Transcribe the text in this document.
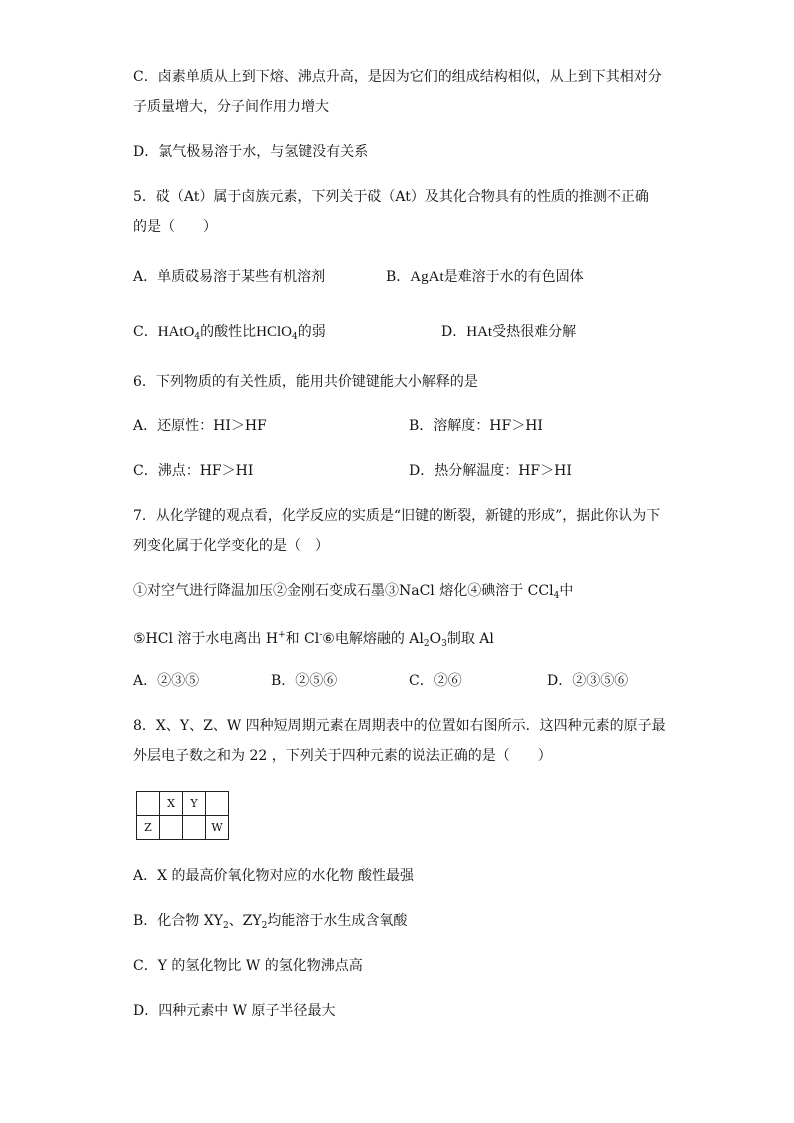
C．卤素单质从上到下熔、沸点升高，是因为它们的组成结构相似，从上到下其相对分
子质量增大，分子间作用力增大
D．氯气极易溶于水，与氢键没有关系
5．砹（At）属于卤族元素，下列关于砹（At）及其化合物具有的性质的推测不正确
的是（　　）
A．单质砹易溶于某些有机溶剂	B．AgAt是难溶于水的有色固体
C．HAtO$_4$的酸性比HClO$_4$的弱	D．HAt受热很难分解
6．下列物质的有关性质，能用共价键键能大小解释的是
A．还原性：HI＞HF	B．溶解度：HF＞HI
C．沸点：HF＞HI	D．热分解温度：HF＞HI
7．从化学键的观点看，化学反应的实质是“旧键的断裂，新键的形成”，据此你认为下
列变化属于化学变化的是（　）
①对空气进行降温加压②金刚石变成石墨③NaCl 熔化④碘溶于 CCl$_4$中
⑤HCl 溶于水电离出 H+和 Cl-⑥电解熔融的 $Al_2O_3$制取 Al
A．②③⑤	B．②⑤⑥	C．②⑥	D．②③⑤⑥
8．X、Y、Z、W 四种短周期元素在周期表中的位置如右图所示．这四种元素的原子最
外层电子数之和为 22 ，下列关于四种元素的说法正确的是（　　）
	X	Y	
Z			W
A．X 的最高价氧化物对应的水化物 酸性最强
B．化合物 $XY_2$、$ZY_2$均能溶于水生成含氧酸
C．Y 的氢化物比 W 的氢化物沸点高
D．四种元素中 W 原子半径最大
